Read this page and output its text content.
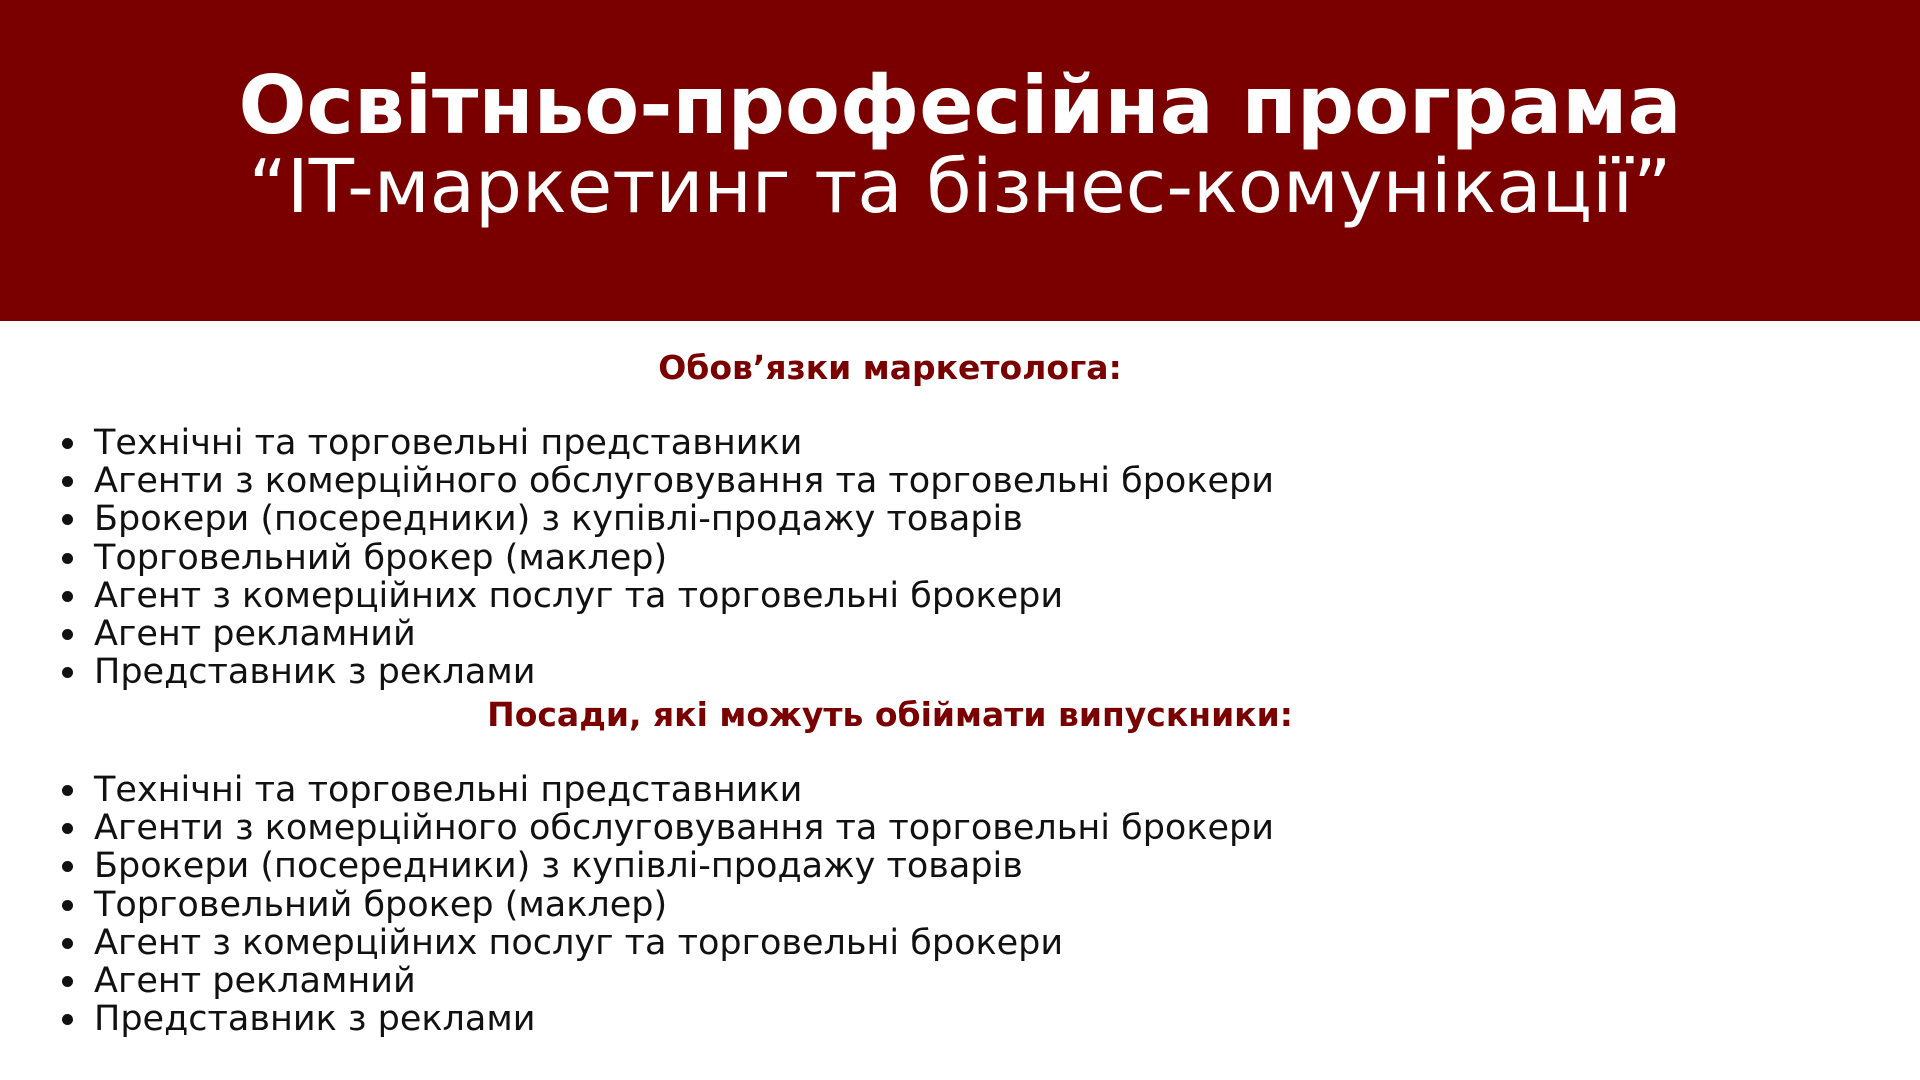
Освітньо-професійна програма
“IT-маркетинг та бізнес-комунікації”
Обов’язки маркетолога:
Технічні та торговельні представники
Агенти з комерційного обслуговування та торговельні брокери
Брокери (посередники) з купівлі-продажу товарів
Торговельний брокер (маклер)
Агент з комерційних послуг та торговельні брокери
Агент рекламний
Представник з реклами
Посади, які можуть обіймати випускники:
Технічні та торговельні представники
Агенти з комерційного обслуговування та торговельні брокери
Брокери (посередники) з купівлі-продажу товарів
Торговельний брокер (маклер)
Агент з комерційних послуг та торговельні брокери
Агент рекламний
Представник з реклами
